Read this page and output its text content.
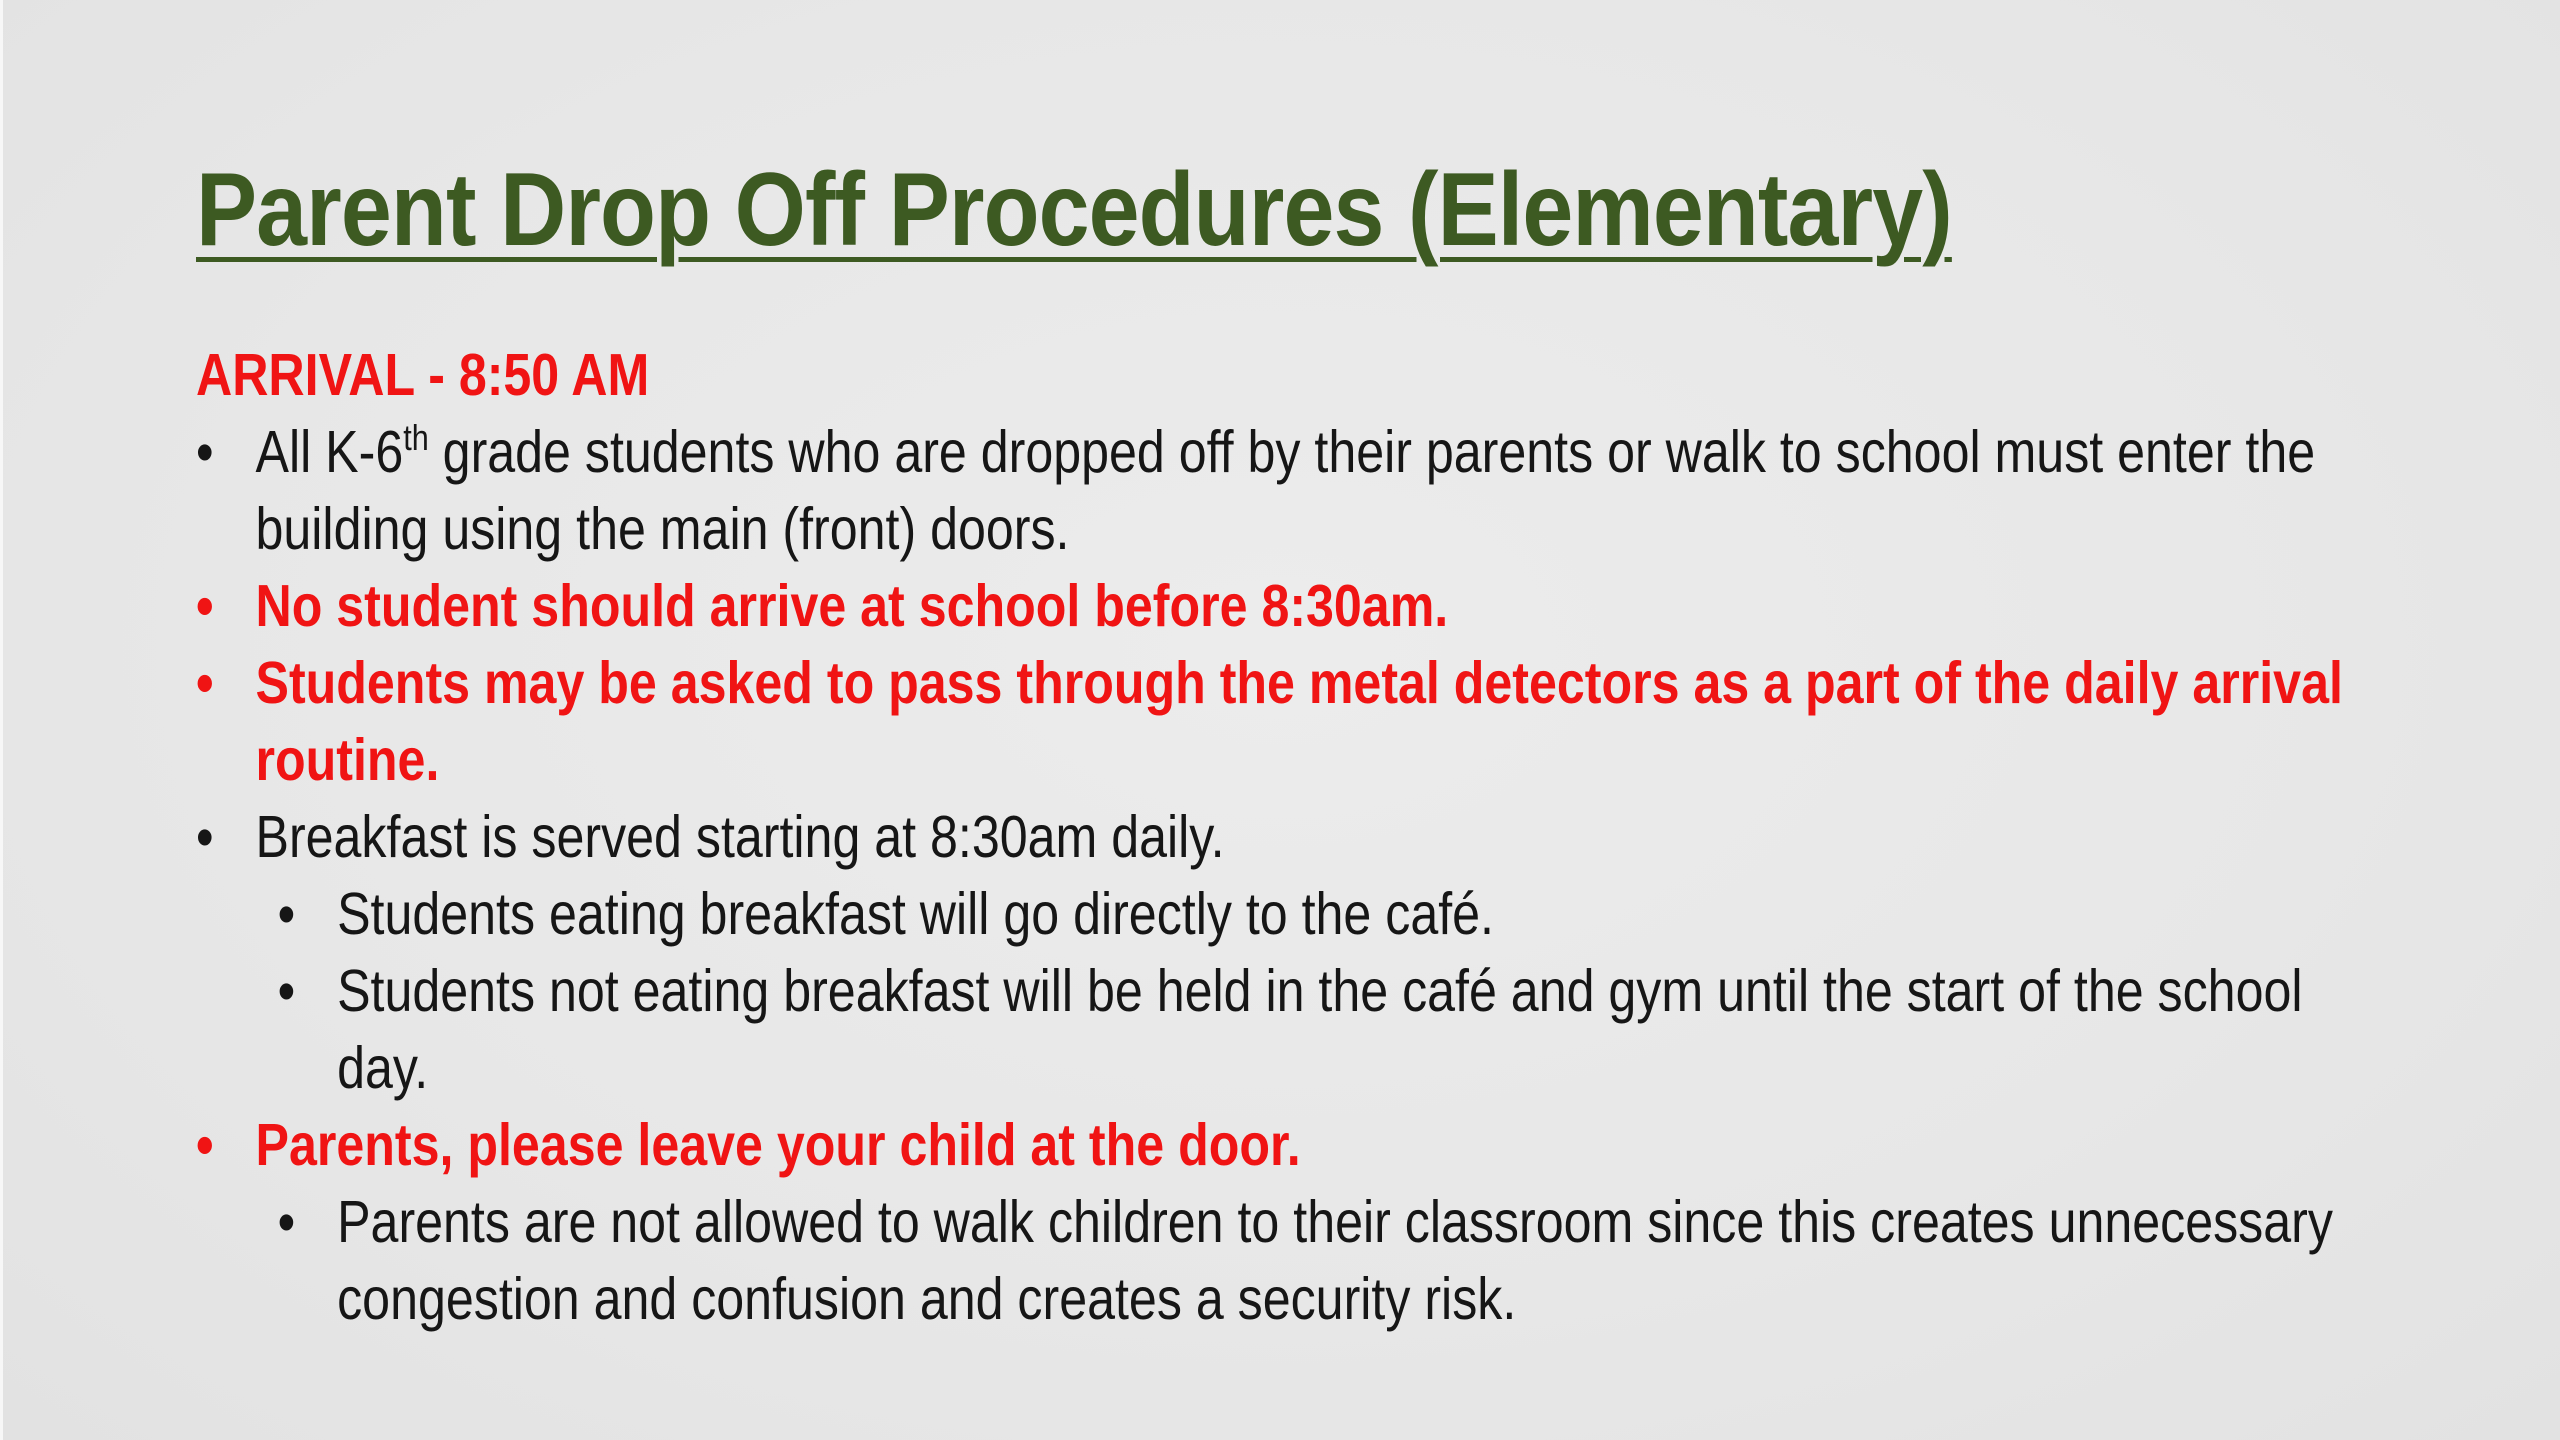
Parent Drop Off Procedures (Elementary)
ARRIVAL - 8:50 AM
• All K-6th grade students who are dropped off by their parents or walk to school must enter the building using the main (front) doors.
• No student should arrive at school before 8:30am.
• Students may be asked to pass through the metal detectors as a part of the daily arrival routine.
• Breakfast is served starting at 8:30am daily.
• Students eating breakfast will go directly to the café.
• Students not eating breakfast will be held in the café and gym until the start of the school day.
• Parents, please leave your child at the door.
• Parents are not allowed to walk children to their classroom since this creates unnecessary congestion and confusion and creates a security risk.
